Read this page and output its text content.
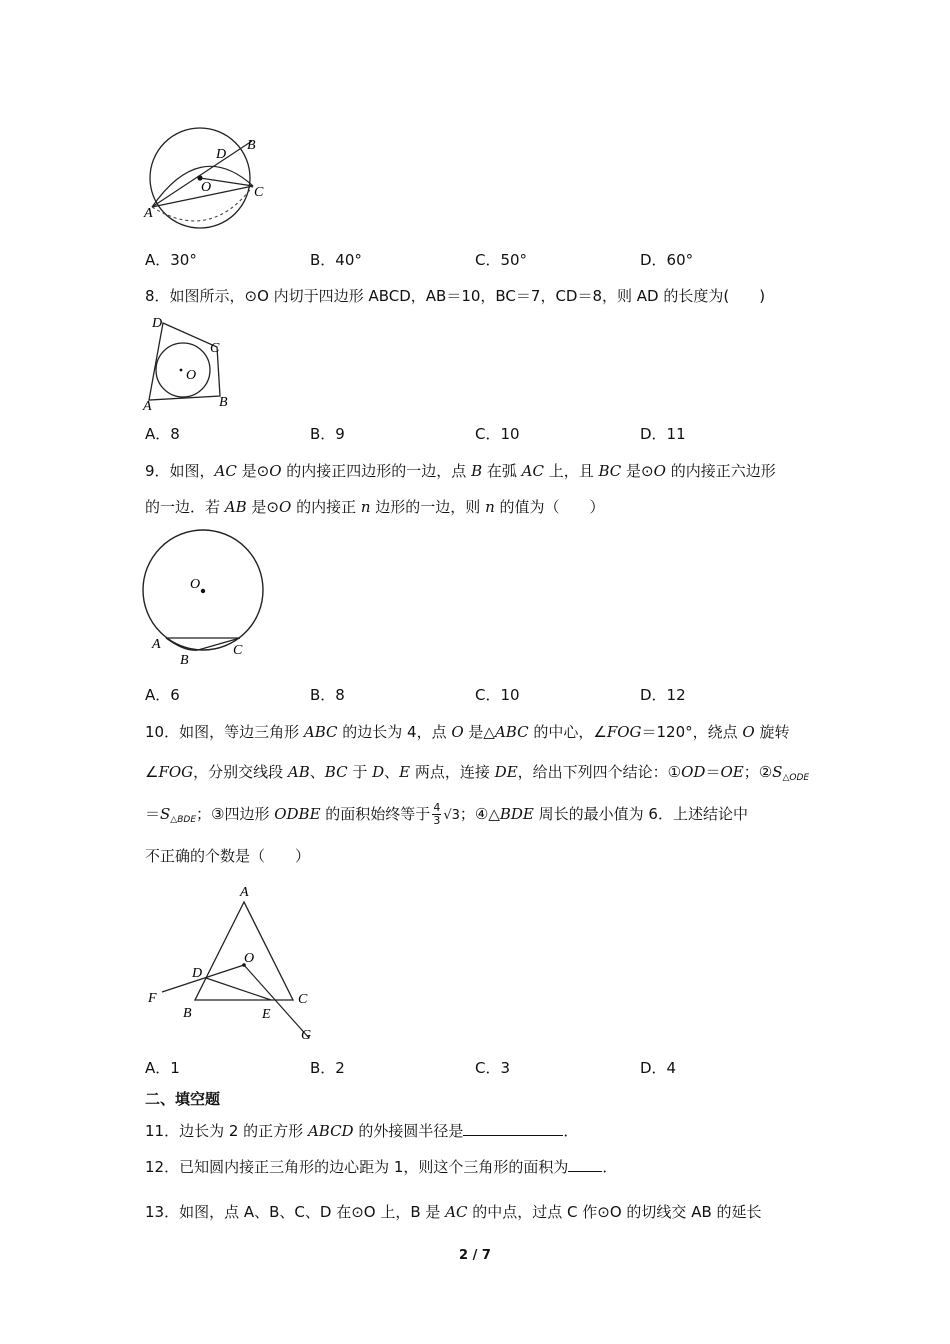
B
D
O	C
A
A．30°	B．40°	C．50°	D．60°
8．如图所示，⊙O 内切于四边形 ABCD，AB＝10，BC＝7，CD＝8，则 AD 的长度为(　　)
D
C
O
A	B
A．8	B．9	C．10	D．11
9．如图，AC 是⊙O 的内接正四边形的一边，点 B 在弧 AC 上，且 BC 是⊙O 的内接正六边形
的一边．若 AB 是⊙O 的内接正 n 边形的一边，则 n 的值为（　　）
O
A
B
C
A．6	B．8	C．10	D．12
10．如图，等边三角形 ABC 的边长为 4，点 O 是△ABC 的中心，∠FOG＝120°，绕点 O 旋转
∠FOG，分别交线段 AB、BC 于 D、E 两点，连接 DE，给出下列四个结论：①OD＝OE；$②S_{\triangle ODE}$
$=S_{\triangle BDE}$；③四边形 ODBE 的面积始终等于 $\frac{4}{3} √3$；④△BDE 周长的最小值为 6．上述结论中
不正确的个数是（　　）
A
O
D
F	C
B	E
G
A．1	B．2	C．3	D．4
二、填空题
11．边长为 2 的正方形 ABCD 的外接圆半径是	．
12．已知圆内接正三角形的边心距为 1，则这个三角形的面积为 ．
13．如图，点 A、B、C、D 在⊙O 上，B 是 AC 的中点，过点 C 作⊙O 的切线交 AB 的延长
2 / 7
